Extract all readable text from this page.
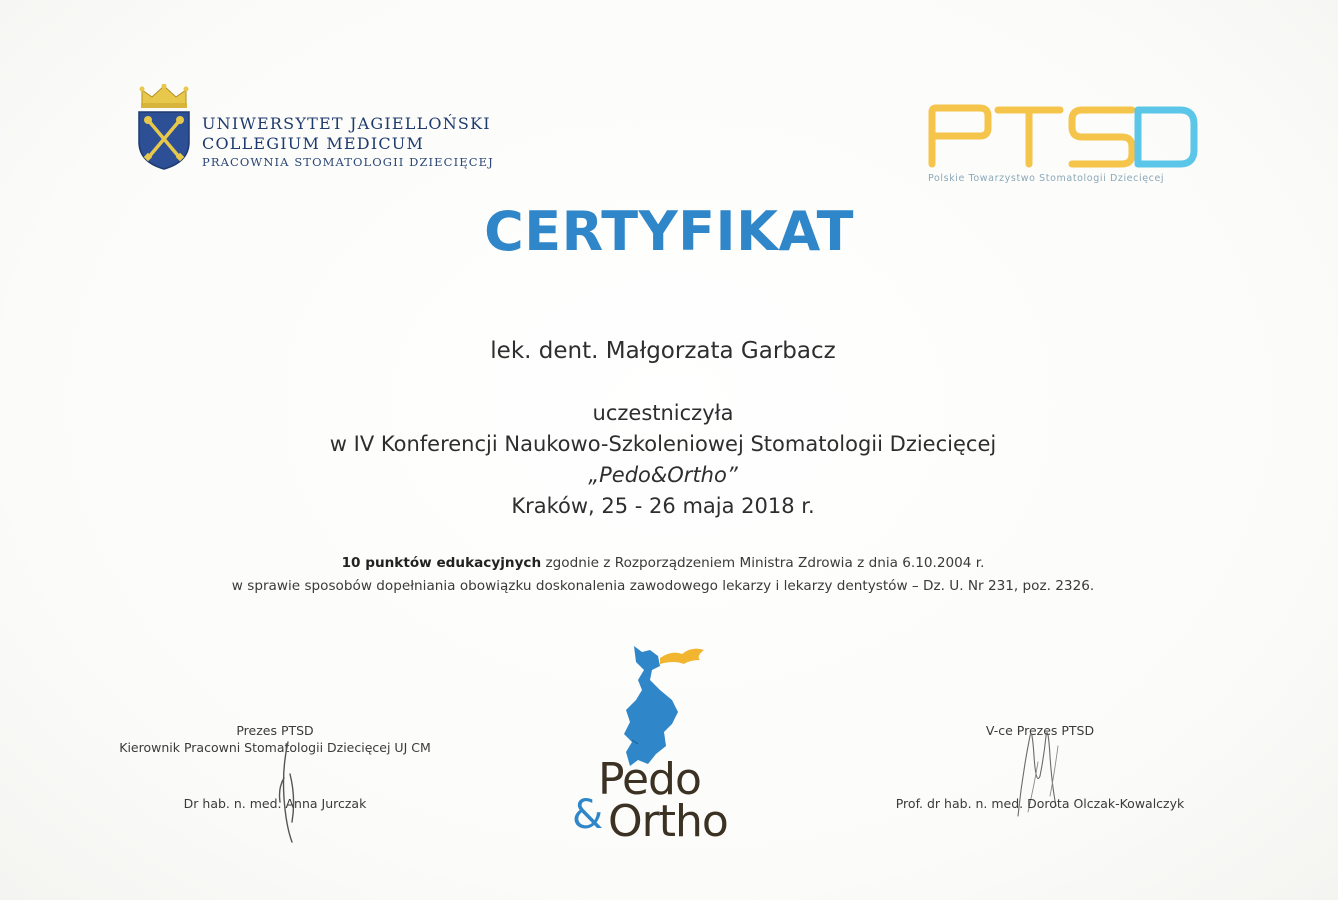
UNIWERSYTET JAGIELLOŃSKI
COLLEGIUM MEDICUM
PRACOWNIA STOMATOLOGII DZIECIĘCEJ
Polskie Towarzystwo Stomatologii Dziecięcej
CERTYFIKAT
lek. dent. Małgorzata Garbacz
uczestniczyła
w IV Konferencji Naukowo-Szkoleniowej Stomatologii Dziecięcej
„Pedo&Ortho”
Kraków, 25 - 26 maja 2018 r.
10 punktów edukacyjnych zgodnie z Rozporządzeniem Ministra Zdrowia z dnia 6.10.2004 r.
w sprawie sposobów dopełniania obowiązku doskonalenia zawodowego lekarzy i lekarzy dentystów – Dz. U. Nr 231, poz. 2326.
Prezes PTSD
Kierownik Pracowni Stomatologii Dziecięcej UJ CM
Dr hab. n. med. Anna Jurczak
V-ce Prezes PTSD
Prof. dr hab. n. med. Dorota Olczak-Kowalczyk
Pedo
& Ortho
